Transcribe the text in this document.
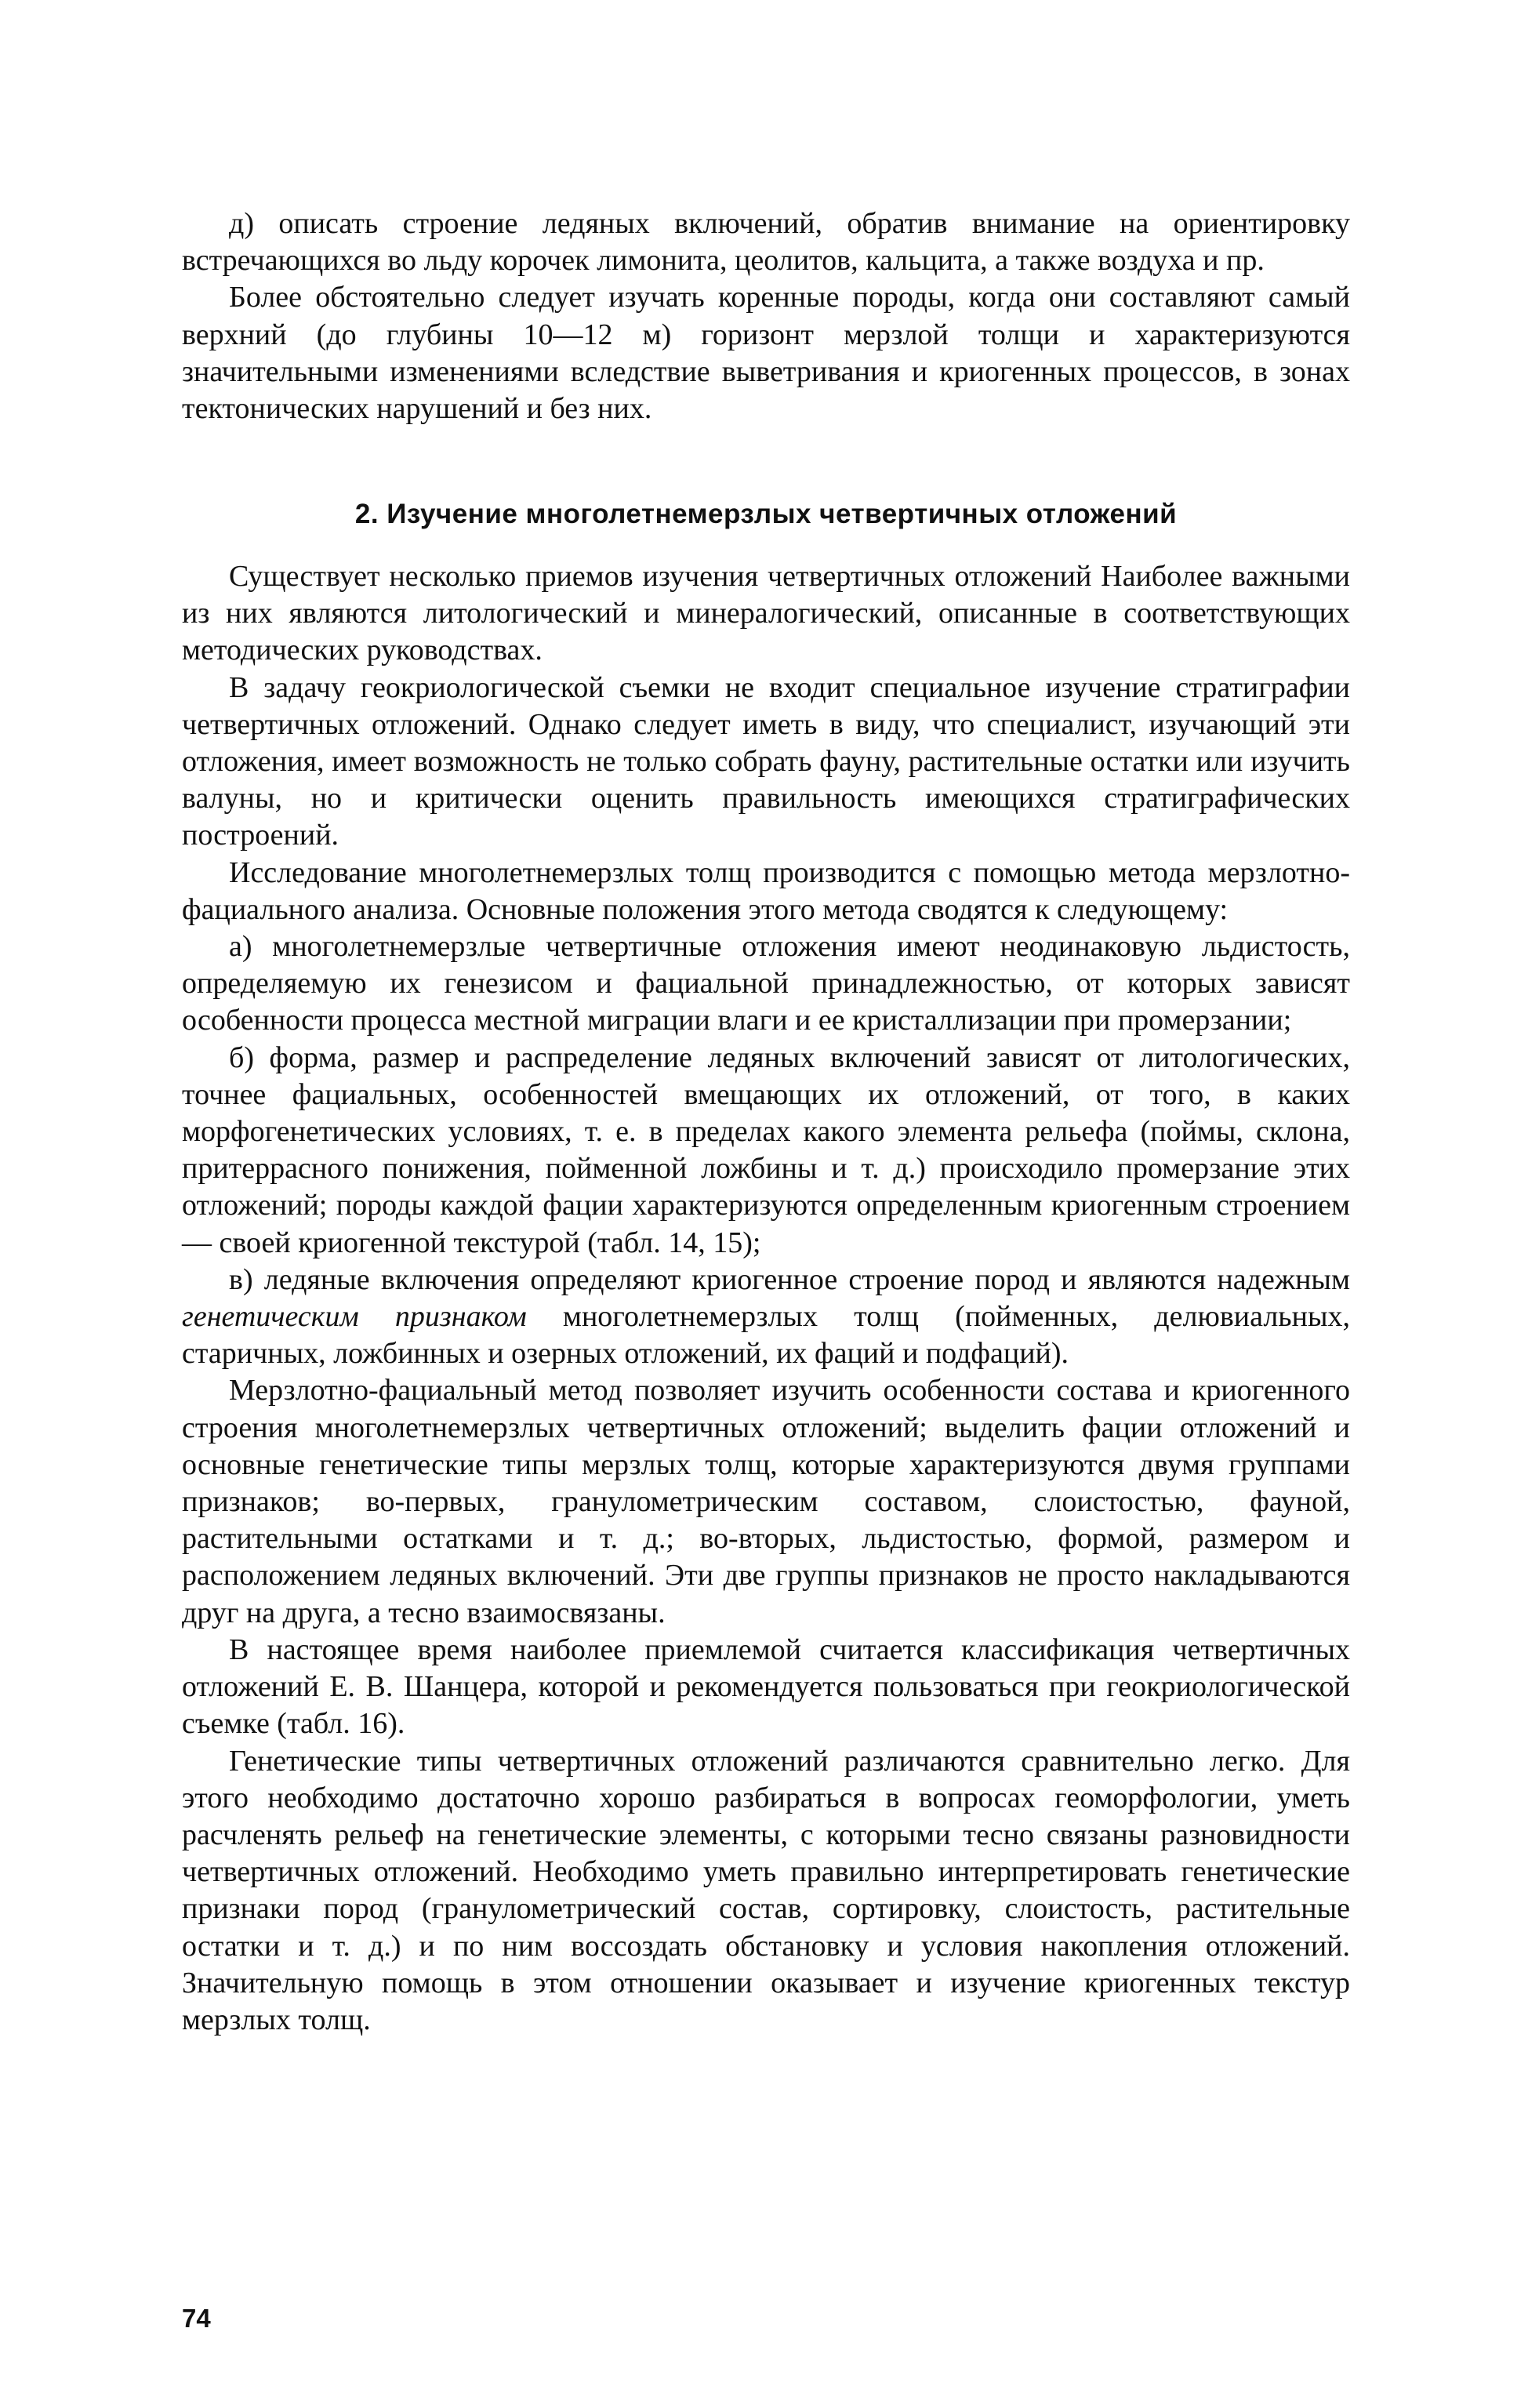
д) описать строение ледяных включений, обратив внимание на ориентировку встречающихся во льду корочек лимонита, цеолитов, кальцита, а также воздуха и пр.

Более обстоятельно следует изучать коренные породы, когда они составляют самый верхний (до глубины 10—12 м) горизонт мерзлой толщи и характеризуются значительными изменениями вследствие выветривания и криогенных процессов, в зонах тектонических нарушений и без них.

2. Изучение многолетнемерзлых четвертичных отложений

Существует несколько приемов изучения четвертичных отложений Наиболее важными из них являются литологический и минералогический, описанные в соответствующих методических руководствах.

В задачу геокриологической съемки не входит специальное изучение стратиграфии четвертичных отложений. Однако следует иметь в виду, что специалист, изучающий эти отложения, имеет возможность не только собрать фауну, растительные остатки или изучить валуны, но и критически оценить правильность имеющихся стратиграфических построений.

Исследование многолетнемерзлых толщ производится с помощью метода мерзлотно-фациального анализа. Основные положения этого метода сводятся к следующему:

а) многолетнемерзлые четвертичные отложения имеют неодинаковую льдистость, определяемую их генезисом и фациальной принадлежностью, от которых зависят особенности процесса местной миграции влаги и ее кристаллизации при промерзании;

б) форма, размер и распределение ледяных включений зависят от литологических, точнее фациальных, особенностей вмещающих их отложений, от того, в каких морфогенетических условиях, т. е. в пределах какого элемента рельефа (поймы, склона, притеррасного понижения, пойменной ложбины и т. д.) происходило промерзание этих отложений; породы каждой фации характеризуются определенным криогенным строением — своей криогенной текстурой (табл. 14, 15);

в) ледяные включения определяют криогенное строение пород и являются надежным генетическим признаком многолетнемерзлых толщ (пойменных, делювиальных, старичных, ложбинных и озерных отложений, их фаций и подфаций).

Мерзлотно-фациальный метод позволяет изучить особенности состава и криогенного строения многолетнемерзлых четвертичных отложений; выделить фации отложений и основные генетические типы мерзлых толщ, которые характеризуются двумя группами признаков; во-первых, гранулометрическим составом, слоистостью, фауной, растительными остатками и т. д.; во-вторых, льдистостью, формой, размером и расположением ледяных включений. Эти две группы признаков не просто накладываются друг на друга, а тесно взаимосвязаны.

В настоящее время наиболее приемлемой считается классификация четвертичных отложений Е. В. Шанцера, которой и рекомендуется пользоваться при геокриологической съемке (табл. 16).

Генетические типы четвертичных отложений различаются сравнительно легко. Для этого необходимо достаточно хорошо разбираться в вопросах геоморфологии, уметь расчленять рельеф на генетические элементы, с которыми тесно связаны разновидности четвертичных отложений. Необходимо уметь правильно интерпретировать генетические признаки пород (гранулометрический состав, сортировку, слоистость, растительные остатки и т. д.) и по ним воссоздать обстановку и условия накопления отложений. Значительную помощь в этом отношении оказывает и изучение криогенных текстур мерзлых толщ.

74
